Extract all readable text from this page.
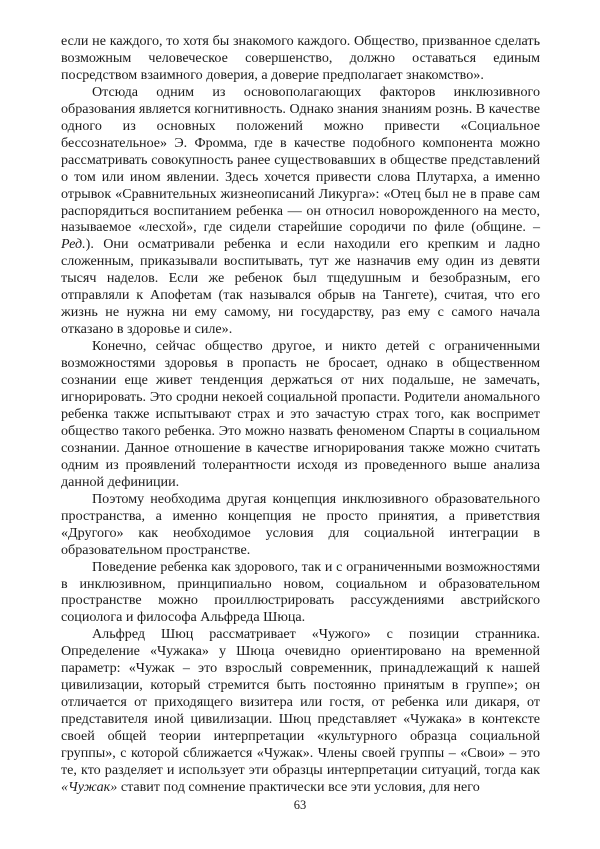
если не каждого, то хотя бы знакомого каждого. Общество, призванное сделать возможным человеческое совершенство, должно оставаться единым посредством взаимного доверия, а доверие предполагает знакомство».

Отсюда одним из основополагающих факторов инклюзивного образования является когнитивность. Однако знания знаниям рознь. В качестве одного из основных положений можно привести «Социальное бессознательное» Э. Фромма, где в качестве подобного компонента можно рассматривать совокупность ранее существовавших в обществе представлений о том или ином явлении. Здесь хочется привести слова Плутарха, а именно отрывок «Сравнительных жизнеописаний Ликурга»: «Отец был не в праве сам распорядиться воспитанием ребенка — он относил новорожденного на место, называемое «лесхой», где сидели старейшие сородичи по филе (общине. – Ред.). Они осматривали ребенка и если находили его крепким и ладно сложенным, приказывали воспитывать, тут же назначив ему один из девяти тысяч наделов. Если же ребенок был тщедушным и безобразным, его отправляли к Апофетам (так назывался обрыв на Тангете), считая, что его жизнь не нужна ни ему самому, ни государству, раз ему с самого начала отказано в здоровье и силе».

Конечно, сейчас общество другое, и никто детей с ограниченными возможностями здоровья в пропасть не бросает, однако в общественном сознании еще живет тенденция держаться от них подальше, не замечать, игнорировать. Это сродни некоей социальной пропасти. Родители аномального ребенка также испытывают страх и это зачастую страх того, как воспримет общество такого ребенка. Это можно назвать феноменом Спарты в социальном сознании. Данное отношение в качестве игнорирования также можно считать одним из проявлений толерантности исходя из проведенного выше анализа данной дефиниции.

Поэтому необходима другая концепция инклюзивного образовательного пространства, а именно концепция не просто принятия, а приветствия «Другого» как необходимое условия для социальной интеграции в образовательном пространстве.

Поведение ребенка как здорового, так и с ограниченными возможностями в инклюзивном, принципиально новом, социальном и образовательном пространстве можно проиллюстрировать рассуждениями австрийского социолога и философа Альфреда Шюца.

Альфред Шюц рассматривает «Чужого» с позиции странника. Определение «Чужака» у Шюца очевидно ориентировано на временной параметр: «Чужак – это взрослый современник, принадлежащий к нашей цивилизации, который стремится быть постоянно принятым в группе»; он отличается от приходящего визитера или гостя, от ребенка или дикаря, от представителя иной цивилизации. Шюц представляет «Чужака» в контексте своей общей теории интерпретации «культурного образца социальной группы», с которой сближается «Чужак». Члены своей группы – «Свои» – это те, кто разделяет и использует эти образцы интерпретации ситуаций, тогда как «Чужак» ставит под сомнение практически все эти условия, для него

63
